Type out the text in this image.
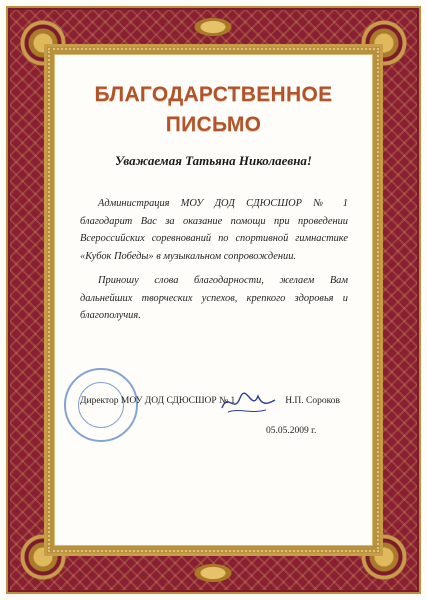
БЛАГОДАРСТВЕННОЕ
ПИСЬМО
Уважаемая Татьяна Николаевна!

Администрация МОУ ДОД СДЮСШОР № 1 благодарит Вас за оказание помощи при проведении Всероссийских соревнований по спортивной гимнастике «Кубок Победы» в музыкальном сопровождении.

Приношу слова благодарности, желаем Вам дальнейших творческих успехов, крепкого здоровья и благополучия.

Директор МОУ ДОД СДЮСШОР № 1	Н.П. Сороков
05.05.2009 г.
